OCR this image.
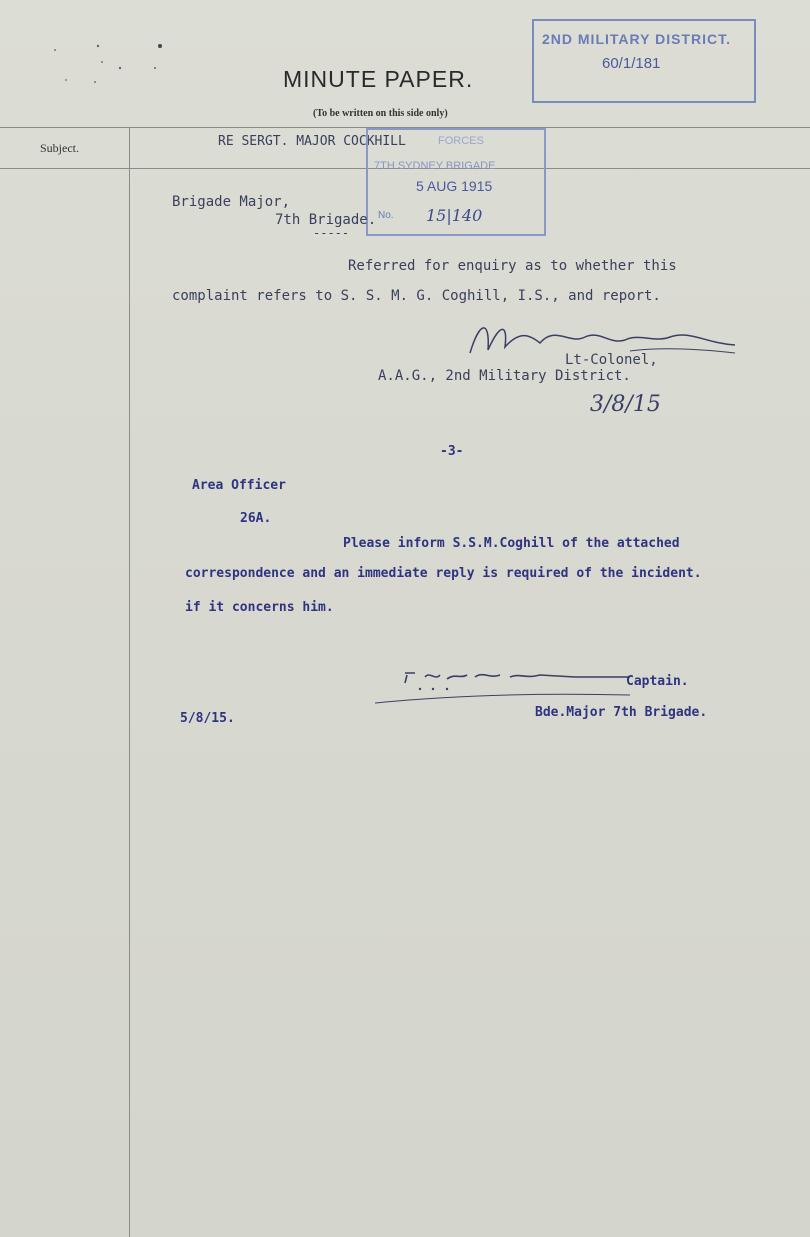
MINUTE PAPER.
(To be written on this side only)
Subject.	RE SERGT. MAJOR COCKHILL
2ND MILITARY DISTRICT.
60/1/181
FORCES
7TH SYDNEY BRIGADE
5 AUG 1915
No. 15|140
Brigade Major,
7th Brigade.
-----
Referred for enquiry as to whether this
complaint refers to S. S. M. G. Coghill, I.S., and report.
Lt-Colonel,
A.A.G., 2nd Military District.
3/8/15
-3-
Area Officer
26A.
Please inform S.S.M.Coghill of the attached
correspondence and an immediate reply is required of the incident.
if it concerns him.
Captain.
5/8/15.	Bde.Major 7th Brigade.
